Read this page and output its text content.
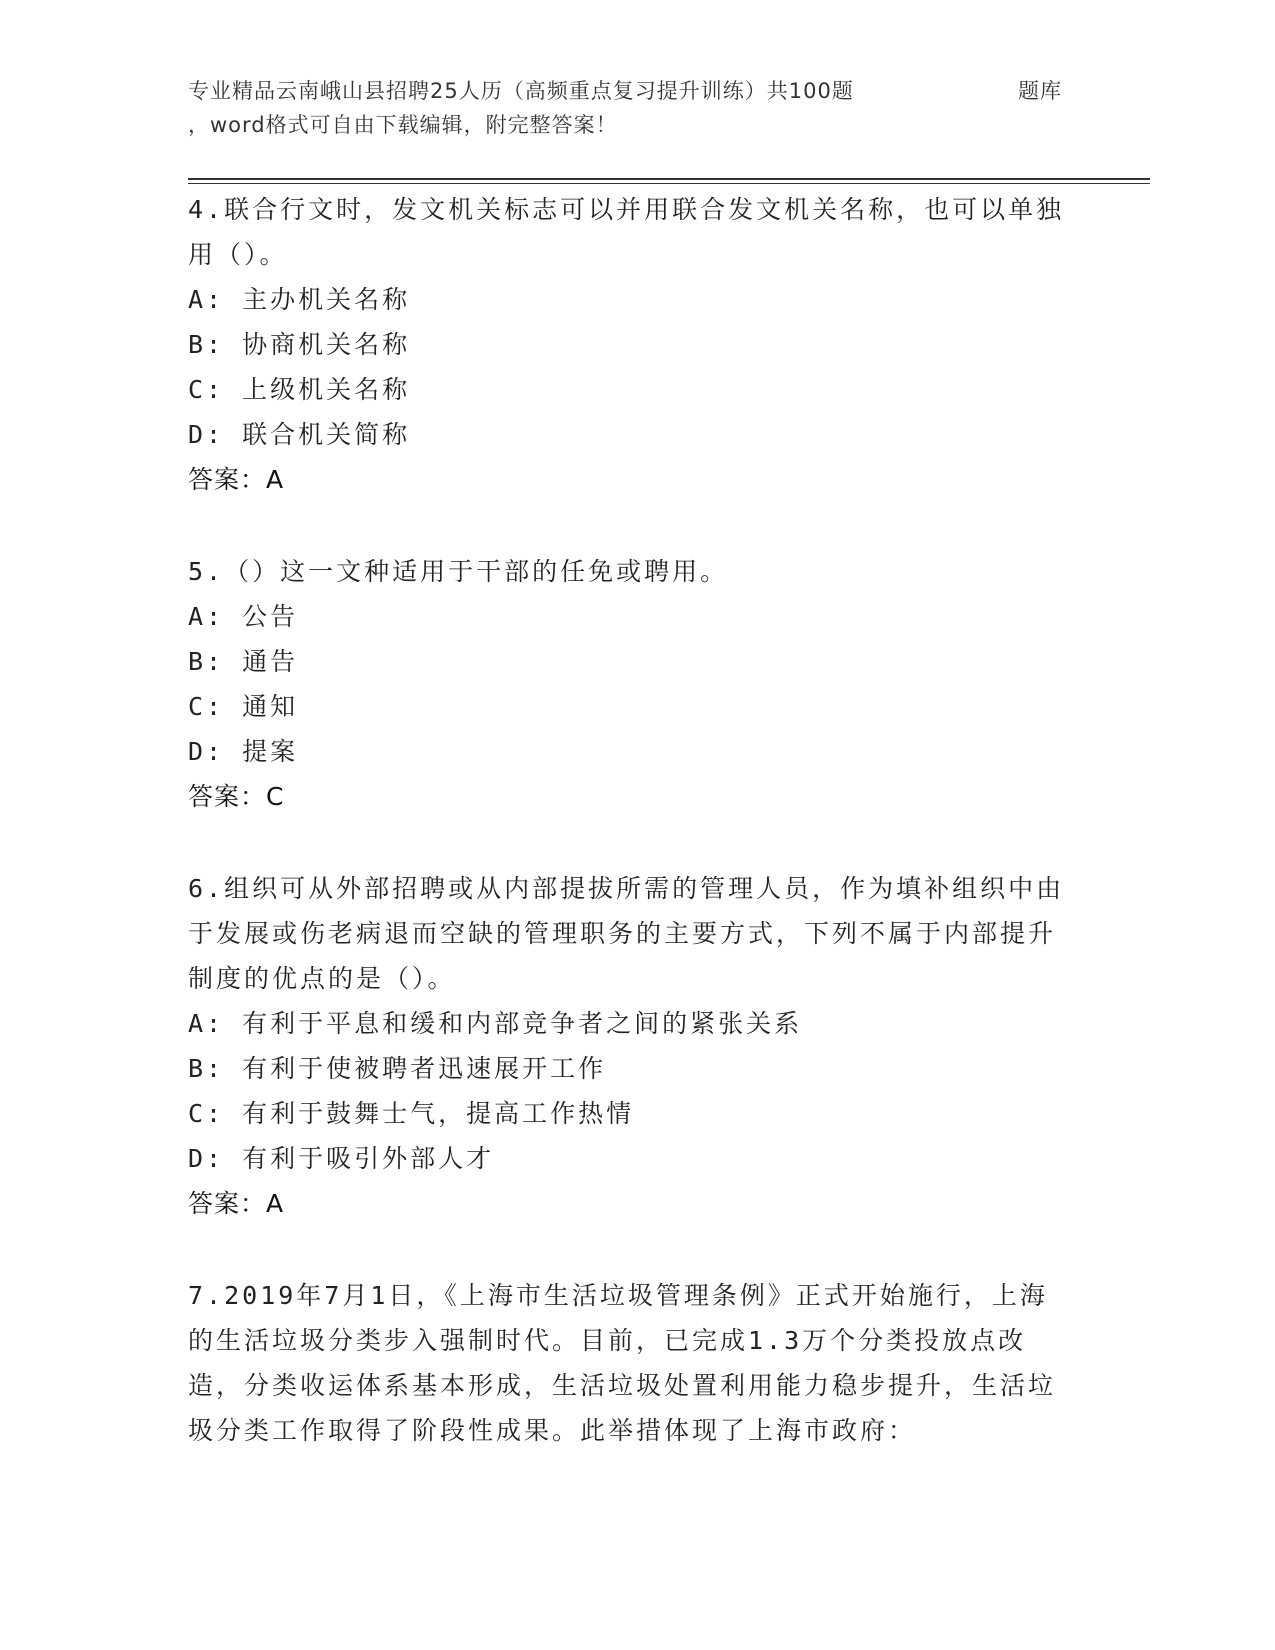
专业精品云南峨山县招聘25人历（高频重点复习提升训练）共100题	题库
，word格式可自由下载编辑，附完整答案！
4.联合行文时，发文机关标志可以并用联合发文机关名称，也可以单独用（）。
A: 主办机关名称
B: 协商机关名称
C: 上级机关名称
D: 联合机关简称
答案：A
5.（）这一文种适用于干部的任免或聘用。
A: 公告
B: 通告
C: 通知
D: 提案
答案：C
6.组织可从外部招聘或从内部提拔所需的管理人员，作为填补组织中由于发展或伤老病退而空缺的管理职务的主要方式，下列不属于内部提升制度的优点的是（）。
A: 有利于平息和缓和内部竞争者之间的紧张关系
B: 有利于使被聘者迅速展开工作
C: 有利于鼓舞士气，提高工作热情
D: 有利于吸引外部人才
答案：A
7.2019年7月1日，《上海市生活垃圾管理条例》正式开始施行，上海的生活垃圾分类步入强制时代。目前，已完成1.3万个分类投放点改造，分类收运体系基本形成，生活垃圾处置利用能力稳步提升，生活垃圾分类工作取得了阶段性成果。此举措体现了上海市政府：
